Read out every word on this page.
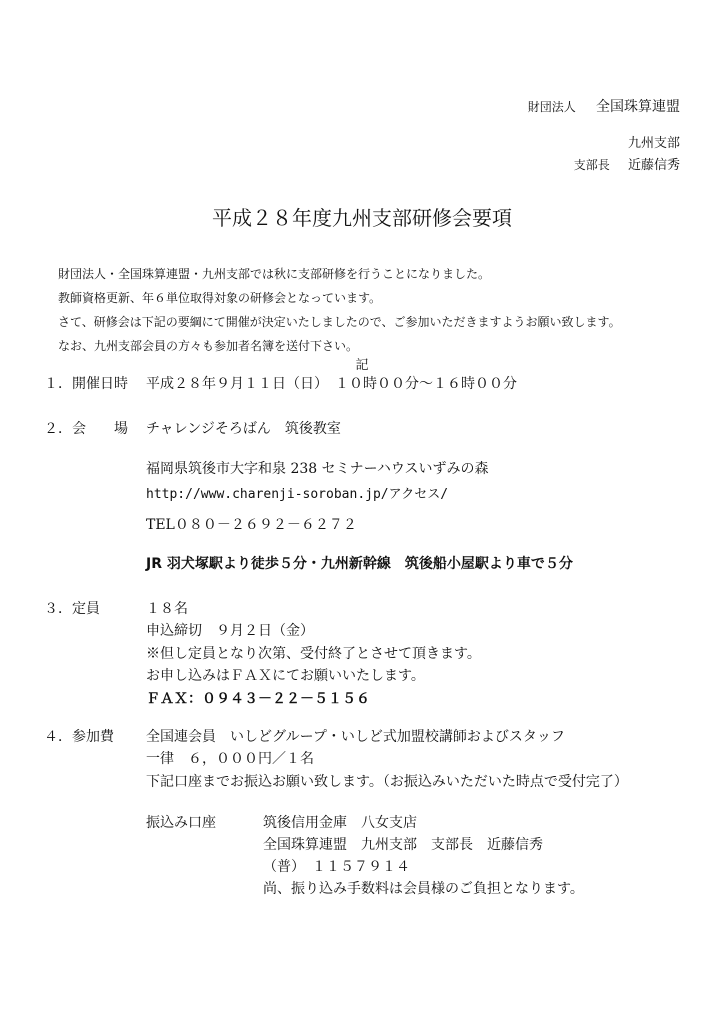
財団法人 全国珠算連盟
九州支部
支部長 近藤信秀
平成２８年度九州支部研修会要項
財団法人・全国珠算連盟・九州支部では秋に支部研修を行うことになりました。
教師資格更新、年６単位取得対象の研修会となっています。
さて、研修会は下記の要綱にて開催が決定いたしましたので、ご参加いただきますようお願い致します。
なお、九州支部会員の方々も参加者名簿を送付下さい。
記
１．開催日時 平成２８年９月１１日（日）　１０時００分～１６時００分
２．会　　場 チャレンジそろばん　筑後教室
福岡県筑後市大字和泉 238 セミナーハウスいずみの森
http://www.charenji-soroban.jp/アクセス/
TEL０８０－２６９２－６２７２
JR 羽犬塚駅より徒歩５分・九州新幹線　筑後船小屋駅より車で５分
３．定員	１８名
申込締切　９月２日（金）
※但し定員となり次第、受付終了とさせて頂きます。
お申し込みはＦＡＸにてお願いいたします。
ＦＡＸ：０９４３－２２－５１５６
４．参加費 全国連会員　いしどグループ・いしど式加盟校講師およびスタッフ
一律　６，０００円／１名
下記口座までお振込お願い致します。（お振込みいただいた時点で受付完了）
振込み口座	筑後信用金庫　八女支店
全国珠算連盟　九州支部　支部長　近藤信秀
（普）　１１５７９１４
尚、振り込み手数料は会員様のご負担となります。
